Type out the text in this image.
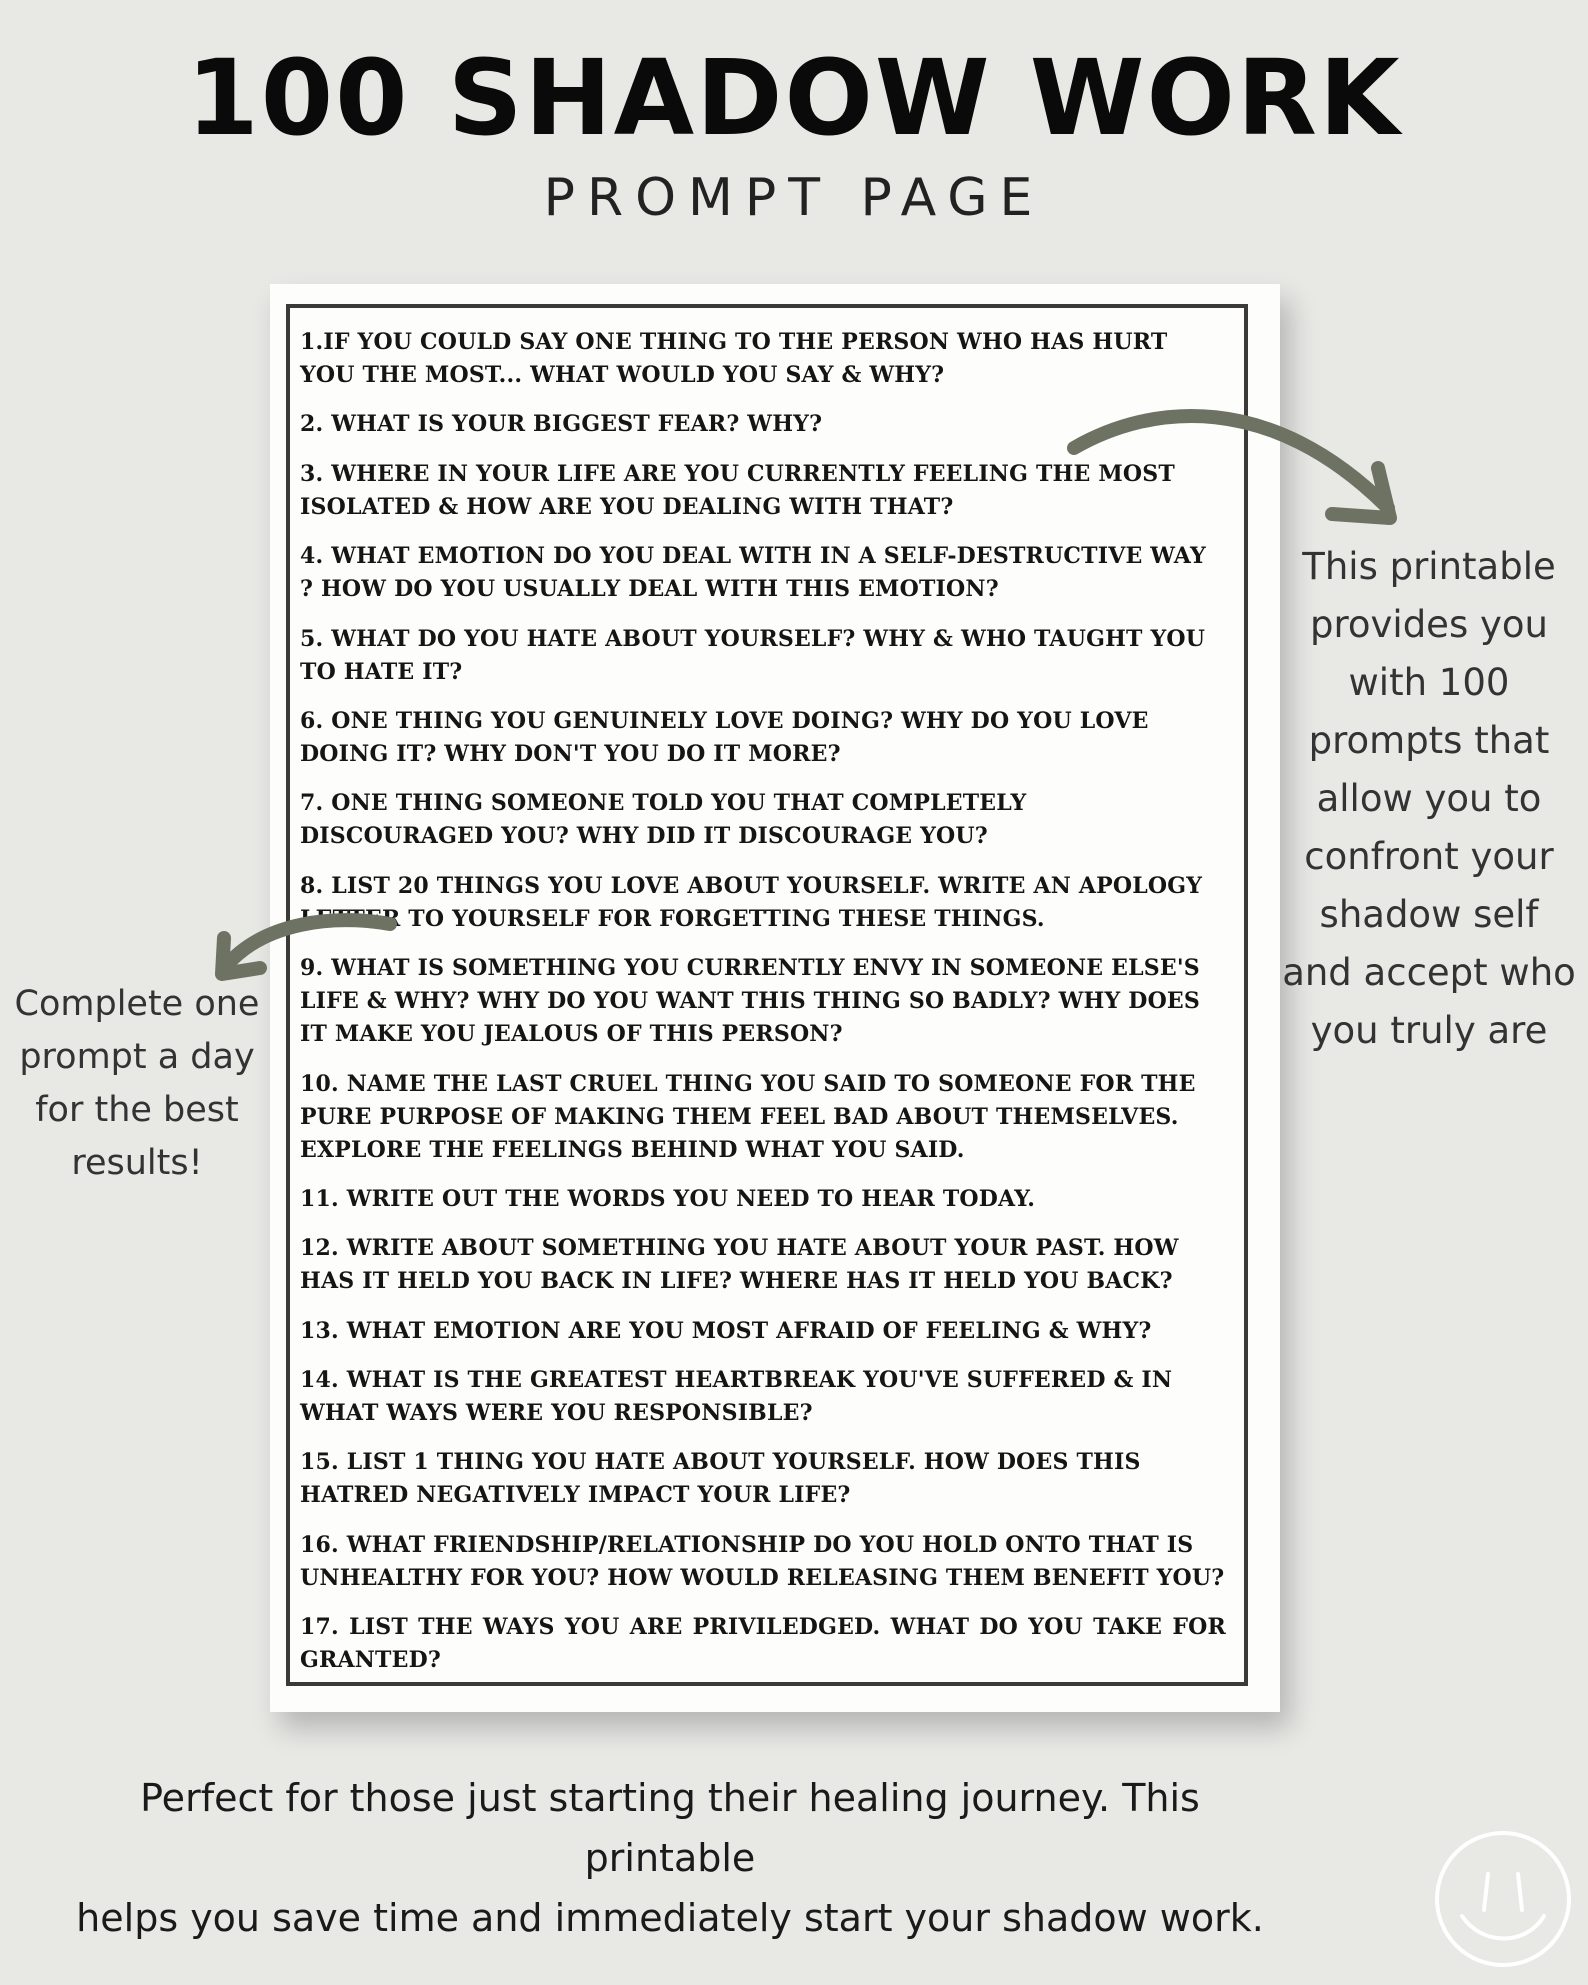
100 SHADOW WORK
PROMPT PAGE
1.IF YOU COULD SAY ONE THING TO THE PERSON WHO HAS HURT YOU THE MOST... WHAT WOULD YOU SAY & WHY?
2. WHAT IS YOUR BIGGEST FEAR? WHY?
3. WHERE IN YOUR LIFE ARE YOU CURRENTLY FEELING THE MOST ISOLATED & HOW ARE YOU DEALING WITH THAT?
4. WHAT EMOTION DO YOU DEAL WITH IN A SELF-DESTRUCTIVE WAY ? HOW DO YOU USUALLY DEAL WITH THIS EMOTION?
5. WHAT DO YOU HATE ABOUT YOURSELF? WHY & WHO TAUGHT YOU TO HATE IT?
6. ONE THING YOU GENUINELY LOVE DOING? WHY DO YOU LOVE DOING IT? WHY DON'T YOU DO IT MORE?
7. ONE THING SOMEONE TOLD YOU THAT COMPLETELY DISCOURAGED YOU? WHY DID IT DISCOURAGE YOU?
8. LIST 20 THINGS YOU LOVE ABOUT YOURSELF. WRITE AN APOLOGY LETTER TO YOURSELF FOR FORGETTING THESE THINGS.
9. WHAT IS SOMETHING YOU CURRENTLY ENVY IN SOMEONE ELSE'S LIFE & WHY? WHY DO YOU WANT THIS THING SO BADLY? WHY DOES IT MAKE YOU JEALOUS OF THIS PERSON?
10. NAME THE LAST CRUEL THING YOU SAID TO SOMEONE FOR THE PURE PURPOSE OF MAKING THEM FEEL BAD ABOUT THEMSELVES. EXPLORE THE FEELINGS BEHIND WHAT YOU SAID.
11. WRITE OUT THE WORDS YOU NEED TO HEAR TODAY.
12. WRITE ABOUT SOMETHING YOU HATE ABOUT YOUR PAST. HOW HAS IT HELD YOU BACK IN LIFE? WHERE HAS IT HELD YOU BACK?
13. WHAT EMOTION ARE YOU MOST AFRAID OF FEELING & WHY?
14. WHAT IS THE GREATEST HEARTBREAK YOU'VE SUFFERED & IN WHAT WAYS WERE YOU RESPONSIBLE?
15. LIST 1 THING YOU HATE ABOUT YOURSELF. HOW DOES THIS HATRED NEGATIVELY IMPACT YOUR LIFE?
16. WHAT FRIENDSHIP/RELATIONSHIP DO YOU HOLD ONTO THAT IS UNHEALTHY FOR YOU? HOW WOULD RELEASING THEM BENEFIT YOU?
17. LIST THE WAYS YOU ARE PRIVILEDGED. WHAT DO YOU TAKE FOR GRANTED?
This printable provides you with 100 prompts that allow you to confront your shadow self and accept who you truly are
Complete one prompt a day for the best results!
Perfect for those just starting their healing journey. This printable
helps you save time and immediately start your shadow work.
